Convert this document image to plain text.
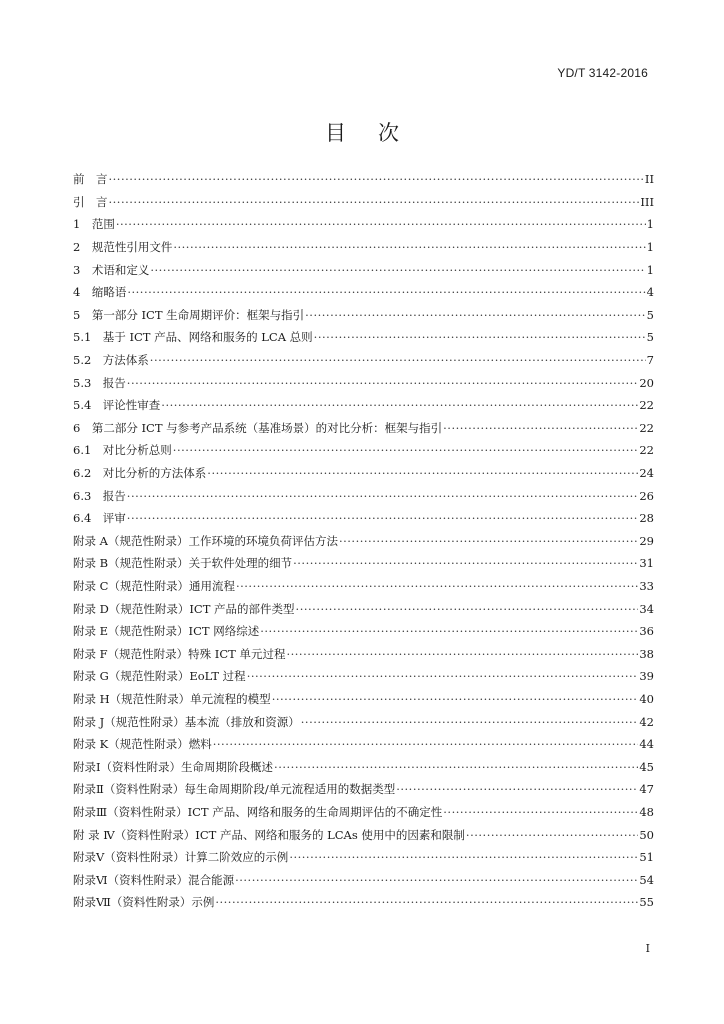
YD/T 3142-2016
目次
前　言 ·····	II
引　言 ·····	III
1　范围 ·····	1
2　规范性引用文件 ·····	1
3　术语和定义 ·····	1
4　缩略语 ·····	4
5　第一部分 ICT 生命周期评价：框架与指引 ·····	5
5.1　基于 ICT 产品、网络和服务的 LCA 总则 ·····	5
5.2　方法体系 ·····	7
5.3　报告 ·····	20
5.4　评论性审查 ·····	22
6　第二部分 ICT 与参考产品系统（基准场景）的对比分析：框架与指引 ·····	22
6.1　对比分析总则 ·····	22
6.2　对比分析的方法体系 ·····	24
6.3　报告 ·····	26
6.4　评审 ·····	28
附录 A（规范性附录）工作环境的环境负荷评估方法 ·····	29
附录 B（规范性附录）关于软件处理的细节 ·····	31
附录 C（规范性附录）通用流程 ·····	33
附录 D（规范性附录）ICT 产品的部件类型 ·····	34
附录 E（规范性附录）ICT 网络综述 ·····	36
附录 F（规范性附录）特殊 ICT 单元过程 ·····	38
附录 G（规范性附录）EoLT 过程 ·····	39
附录 H（规范性附录）单元流程的模型 ·····	40
附录 J（规范性附录）基本流（排放和资源） ·····	42
附录 K（规范性附录）燃料 ·····	44
附录Ⅰ（资料性附录）生命周期阶段概述 ·····	45
附录Ⅱ（资料性附录）每生命周期阶段/单元流程适用的数据类型 ·····	47
附录Ⅲ（资料性附录）ICT 产品、网络和服务的生命周期评估的不确定性 ·····	48
附 录 Ⅳ（资料性附录）ICT 产品、网络和服务的 LCAs 使用中的因素和限制 ·····	50
附录Ⅴ（资料性附录）计算二阶效应的示例 ·····	51
附录Ⅵ（资料性附录）混合能源 ·····	54
附录Ⅶ（资料性附录）示例 ·····	55
I
